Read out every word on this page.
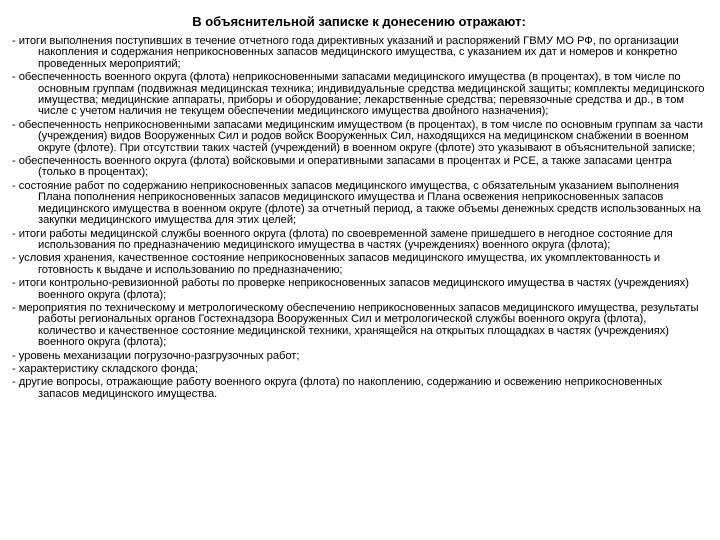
В объяснительной записке к донесению отражают:
- итоги выполнения поступивших в течение отчетного года директивных указаний и распоряжений ГВМУ МО РФ, по организации накопления и содержания неприкосновенных запасов медицинского имущества, с указанием их дат и номеров и конкретно проведенных мероприятий;
- обеспеченность военного округа (флота) неприкосновенными запасами медицинского имущества (в процентах), в том числе по основным группам (подвижная медицинская техника; индивидуальные средства медицинской защиты; комплекты медицинского имущества; медицинские аппараты, приборы и оборудование; лекарственные средства; перевязочные средства и др., в том числе с учетом наличия не текущем обеспечении медицинского имущества двойного назначения);
- обеспеченность неприкосновенными запасами медицинским имуществом (в процентах), в том числе по основным группам за части (учреждения) видов Вооруженных Сил и родов войск Вооруженных Сил, находящихся на медицинском снабжении в военном округе (флоте). При отсутствии таких частей (учреждений) в военном округе (флоте) это указывают в объяснительной записке;
- обеспеченность военного округа (флота) войсковыми и оперативными запасами в процентах и РСЕ, а также запасами центра (только в процентах);
- состояние работ по содержанию неприкосновенных запасов медицинского имущества, с обязательным указанием выполнения Плана пополнения неприкосновенных запасов медицинского имущества и Плана освежения неприкосновенных запасов медицинского имущества в военном округе (флоте) за отчетный период, а также объемы денежных средств использованных на закупки медицинского имущества для этих целей;
- итоги работы медицинской службы военного округа (флота) по своевременной замене пришедшего в негодное состояние для использования по предназначению медицинского имущества в частях (учреждениях) военного округа (флота);
- условия хранения, качественное состояние неприкосновенных запасов медицинского имущества, их укомплектованность и готовность к выдаче и использованию по предназначению;
- итоги контрольно-ревизионной работы по проверке неприкосновенных запасов медицинского имущества в частях (учреждениях) военного округа (флота);
- мероприятия по техническому и метрологическому обеспечению неприкосновенных запасов медицинского имущества, результаты работы региональных органов Гостехнадзора Вооруженных Сил и метрологической службы военного округа (флота), количество и качественное состояние медицинской техники, хранящейся на открытых площадках в частях (учреждениях) военного округа (флота);
- уровень механизации погрузочно-разгрузочных работ;
- характеристику складского фонда;
- другие вопросы, отражающие работу военного округа (флота) по накоплению, содержанию и освежению неприкосновенных запасов медицинского имущества.
